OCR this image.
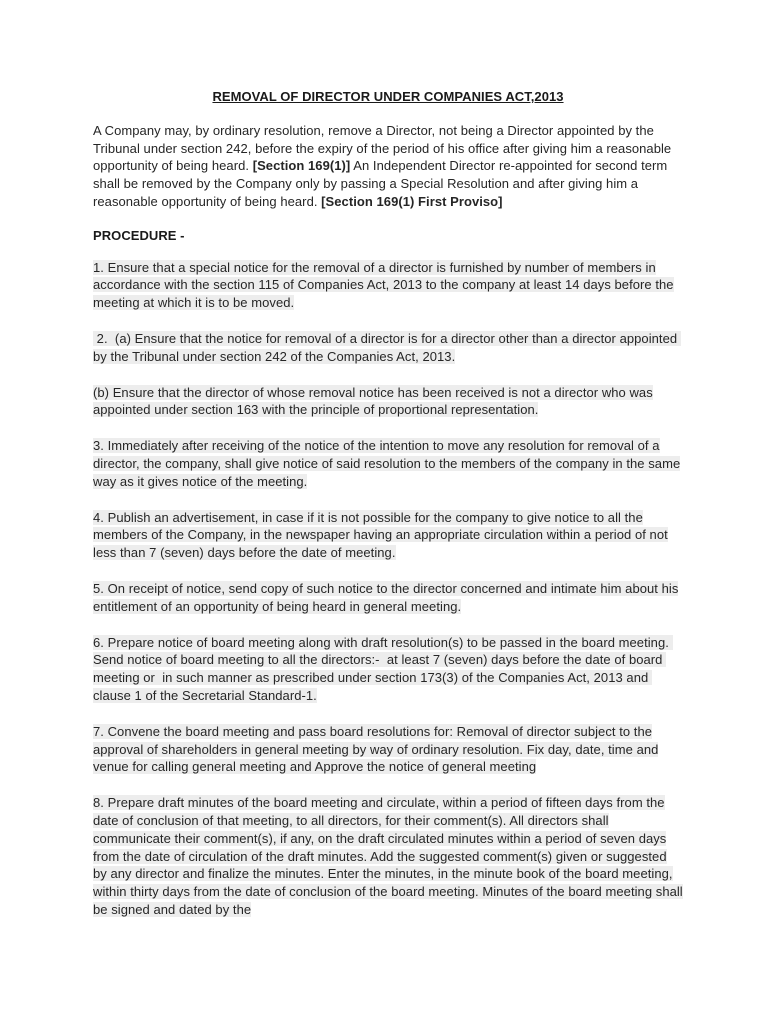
REMOVAL OF DIRECTOR UNDER COMPANIES ACT,2013

A Company may, by ordinary resolution, remove a Director, not being a Director appointed by the Tribunal under section 242, before the expiry of the period of his office after giving him a reasonable opportunity of being heard. [Section 169(1)] An Independent Director re-appointed for second term shall be removed by the Company only by passing a Special Resolution and after giving him a reasonable opportunity of being heard. [Section 169(1) First Proviso]

PROCEDURE -

1. Ensure that a special notice for the removal of a director is furnished by number of members in accordance with the section 115 of Companies Act, 2013 to the company at least 14 days before the meeting at which it is to be moved.

2.  (a) Ensure that the notice for removal of a director is for a director other than a director appointed by the Tribunal under section 242 of the Companies Act, 2013.

(b) Ensure that the director of whose removal notice has been received is not a director who was appointed under section 163 with the principle of proportional representation.

3. Immediately after receiving of the notice of the intention to move any resolution for removal of a director, the company, shall give notice of said resolution to the members of the company in the same way as it gives notice of the meeting.

4. Publish an advertisement, in case if it is not possible for the company to give notice to all the members of the Company, in the newspaper having an appropriate circulation within a period of not less than 7 (seven) days before the date of meeting.

5. On receipt of notice, send copy of such notice to the director concerned and intimate him about his entitlement of an opportunity of being heard in general meeting.

6. Prepare notice of board meeting along with draft resolution(s) to be passed in the board meeting. Send notice of board meeting to all the directors:-  at least 7 (seven) days before the date of board meeting or  in such manner as prescribed under section 173(3) of the Companies Act, 2013 and clause 1 of the Secretarial Standard-1.

7. Convene the board meeting and pass board resolutions for: Removal of director subject to the approval of shareholders in general meeting by way of ordinary resolution. Fix day, date, time and venue for calling general meeting and Approve the notice of general meeting

8. Prepare draft minutes of the board meeting and circulate, within a period of fifteen days from the date of conclusion of that meeting, to all directors, for their comment(s). All directors shall communicate their comment(s), if any, on the draft circulated minutes within a period of seven days from the date of circulation of the draft minutes. Add the suggested comment(s) given or suggested by any director and finalize the minutes. Enter the minutes, in the minute book of the board meeting, within thirty days from the date of conclusion of the board meeting. Minutes of the board meeting shall be signed and dated by the
